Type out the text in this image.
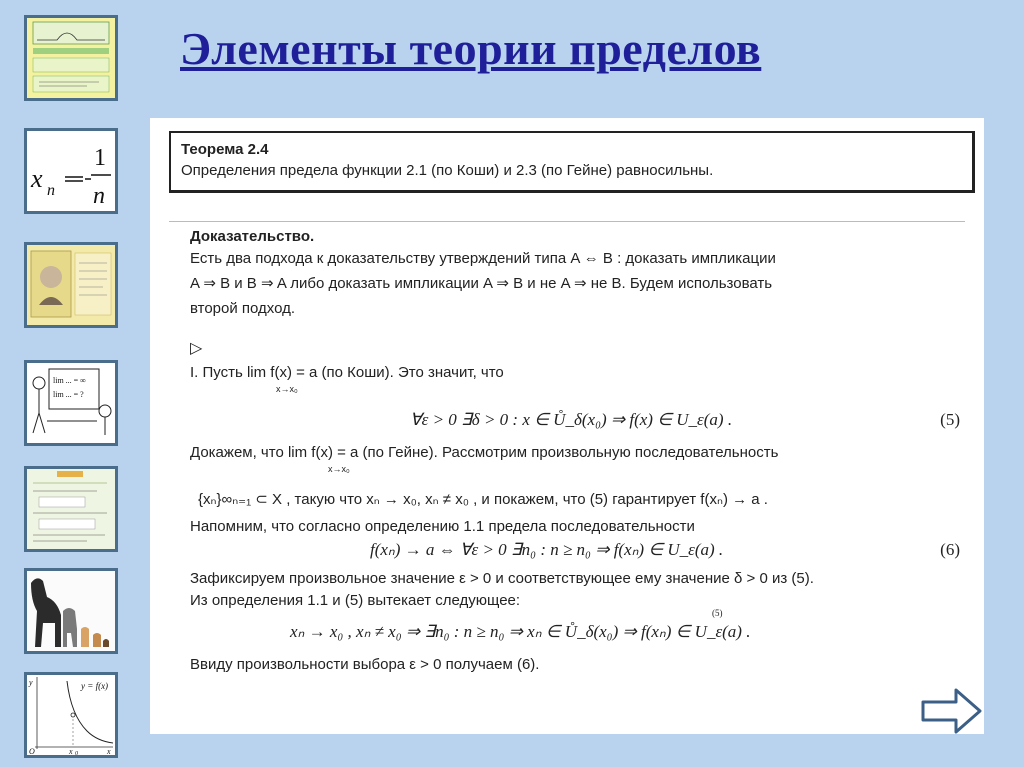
Элементы теории пределов
x n
1
n
lim ... = ∞
lim ... = ?
y = f(x)
O	x 0	x
y
Теорема 2.4
Определения предела функции 2.1 (по Коши) и 2.3 (по Гейне) равносильны.
Доказательство.
Есть два подхода к доказательству утверждений типа A ⇔ B : доказать импликации
A ⇒ B и B ⇒ A либо доказать импликации A ⇒ B и не A ⇒ не B. Будем использовать
второй подход.
▷
I. Пусть lim f(x) = a (по Коши). Это значит, что
x→x₀
∀ε > 0 ∃δ > 0 : x ∈ Ů_δ(x₀) ⇒ f(x) ∈ U_ε(a) .	(5)
Докажем, что lim f(x) = a (по Гейне). Рассмотрим произвольную последовательность
x→x₀
{xₙ}∞ₙ₌₁ ⊂ X , такую что xₙ → x₀, xₙ ≠ x₀ , и покажем, что (5) гарантирует f(xₙ) → a .
Напомним, что согласно определению 1.1 предела последовательности
f(xₙ) → a ⇔ ∀ε > 0 ∃n₀ : n ≥ n₀ ⇒ f(xₙ) ∈ U_ε(a) .	(6)
Зафиксируем произвольное значение ε > 0 и соответствующее ему значение δ > 0 из (5).
Из определения 1.1 и (5) вытекает следующее:
(5)
xₙ → x₀ , xₙ ≠ x₀ ⇒ ∃n₀ : n ≥ n₀ ⇒ xₙ ∈ Ů_δ(x₀) ⇒ f(xₙ) ∈ U_ε(a) .
Ввиду произвольности выбора ε > 0 получаем (6).
